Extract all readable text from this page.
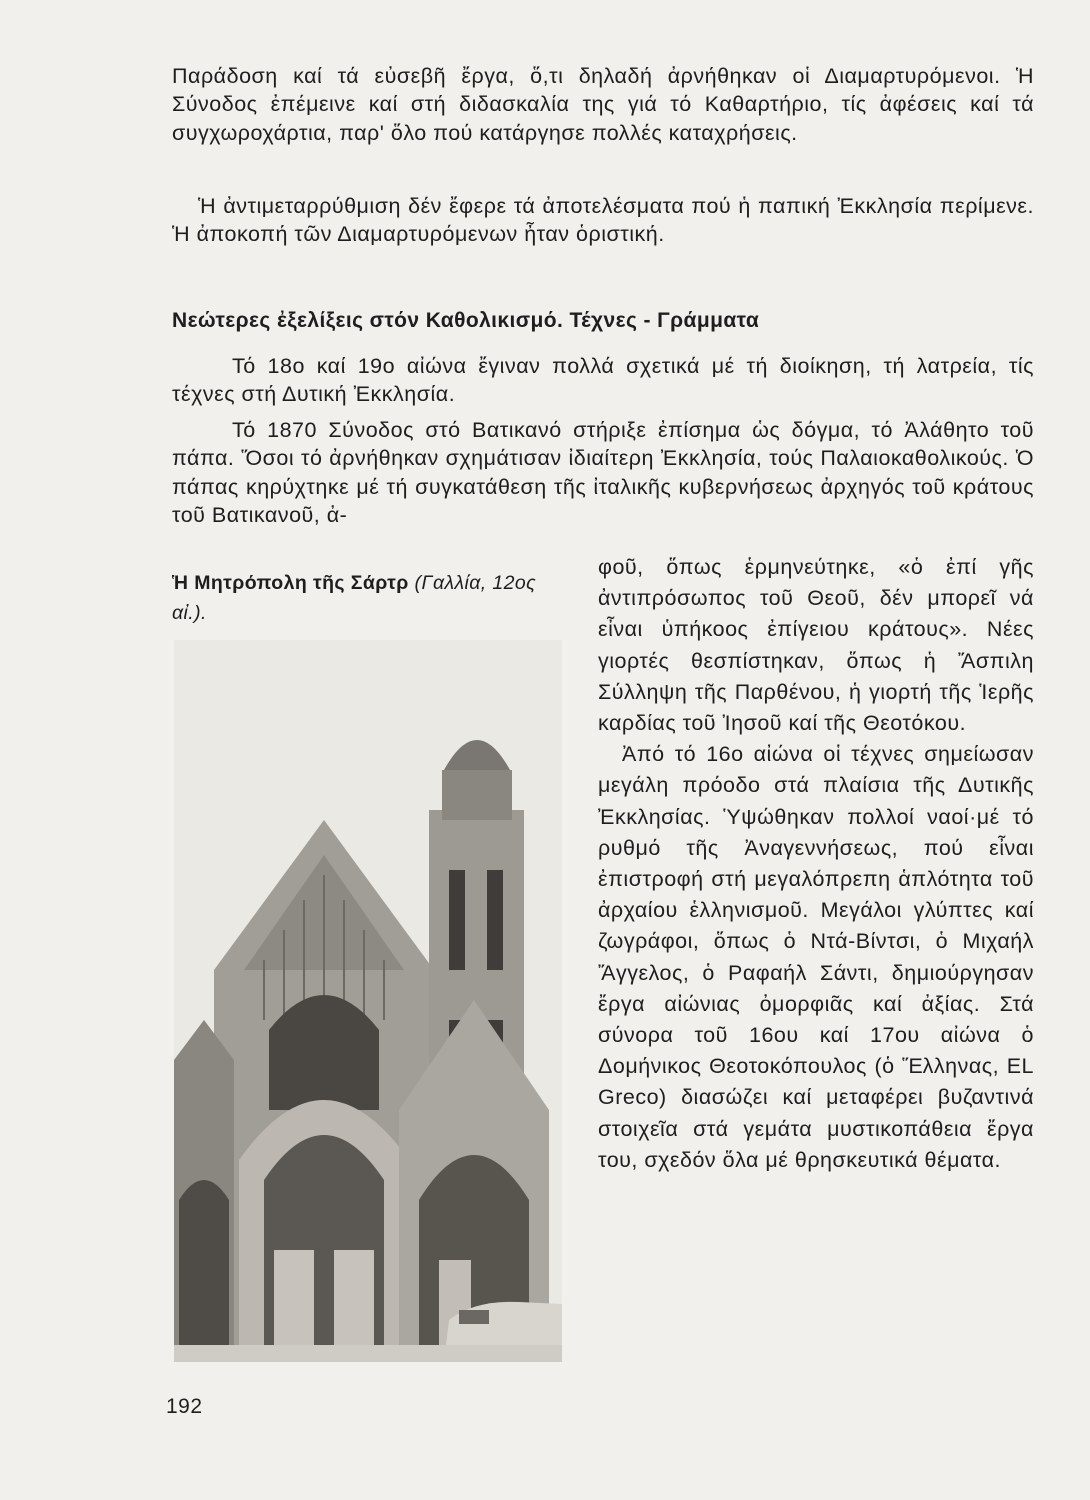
Παράδοση καί τά εὐσεβῆ ἔργα, ὅ,τι δηλαδή ἀρνήθηκαν οἱ Διαμαρτυρόμενοι. Ἡ Σύνοδος ἐπέμεινε καί στή διδασκαλία της γιά τό Καθαρτήριο, τίς ἀφέσεις καί τά συγχωροχάρτια, παρ' ὅλο πού κατάργησε πολλές καταχρήσεις.

Ἡ ἀντιμεταρρύθμιση δέν ἔφερε τά ἀποτελέσματα πού ἡ παπική Ἐκκλησία περίμενε. Ἡ ἀποκοπή τῶν Διαμαρτυρόμενων ἦταν ὁριστική.

Νεώτερες ἐξελίξεις στόν Καθολικισμό. Τέχνες - Γράμματα

Τό 18ο καί 19ο αἰώνα ἔγιναν πολλά σχετικά μέ τή διοίκηση, τή λατρεία, τίς τέχνες στή Δυτική Ἐκκλησία.

Τό 1870 Σύνοδος στό Βατικανό στήριξε ἐπίσημα ὡς δόγμα, τό Ἀλάθητο τοῦ πάπα. Ὅσοι τό ἀρνήθηκαν σχημάτισαν ἰδιαίτερη Ἐκκλησία, τούς Παλαιοκαθολικούς. Ὁ πάπας κηρύχτηκε μέ τή συγκατάθεση τῆς ἰταλικῆς κυβερνήσεως ἀρχηγός τοῦ κράτους τοῦ Βατικανοῦ, ἀ-

Ἡ Μητρόπολη τῆς Σάρτρ (Γαλλία, 12ος αἰ.).

φοῦ, ὅπως ἑρμηνεύτηκε, «ὁ ἐπί γῆς ἀντιπρόσωπος τοῦ Θεοῦ, δέν μπορεῖ νά εἶναι ὑπήκοος ἐπίγειου κράτους». Νέες γιορτές θεσπίστηκαν, ὅπως ἡ Ἄσπιλη Σύλληψη τῆς Παρθένου, ἡ γιορτή τῆς Ἱερῆς καρδίας τοῦ Ἰησοῦ καί τῆς Θεοτόκου.

Ἀπό τό 16ο αἰώνα οἱ τέχνες σημείωσαν μεγάλη πρόοδο στά πλαίσια τῆς Δυτικῆς Ἐκκλησίας. Ὑψώθηκαν πολλοί ναοί·μέ τό ρυθμό τῆς Ἀναγεννήσεως, πού εἶναι ἐπιστροφή στή μεγαλόπρεπη ἁπλότητα τοῦ ἀρχαίου ἑλληνισμοῦ. Μεγάλοι γλύπτες καί ζωγράφοι, ὅπως ὁ Ντά-Βίντσι, ὁ Μιχαήλ Ἄγγελος, ὁ Ραφαήλ Σάντι, δημιούργησαν ἔργα αἰώνιας ὀμορφιᾶς καί ἀξίας. Στά σύνορα τοῦ 16ου καί 17ου αἰώνα ὁ Δομήνικος Θεοτοκόπουλος (ὁ Ἕλληνας, EL Greco) διασώζει καί μεταφέρει βυζαντινά στοιχεῖα στά γεμάτα μυστικοπάθεια ἔργα του, σχεδόν ὅλα μέ θρησκευτικά θέματα.

192
